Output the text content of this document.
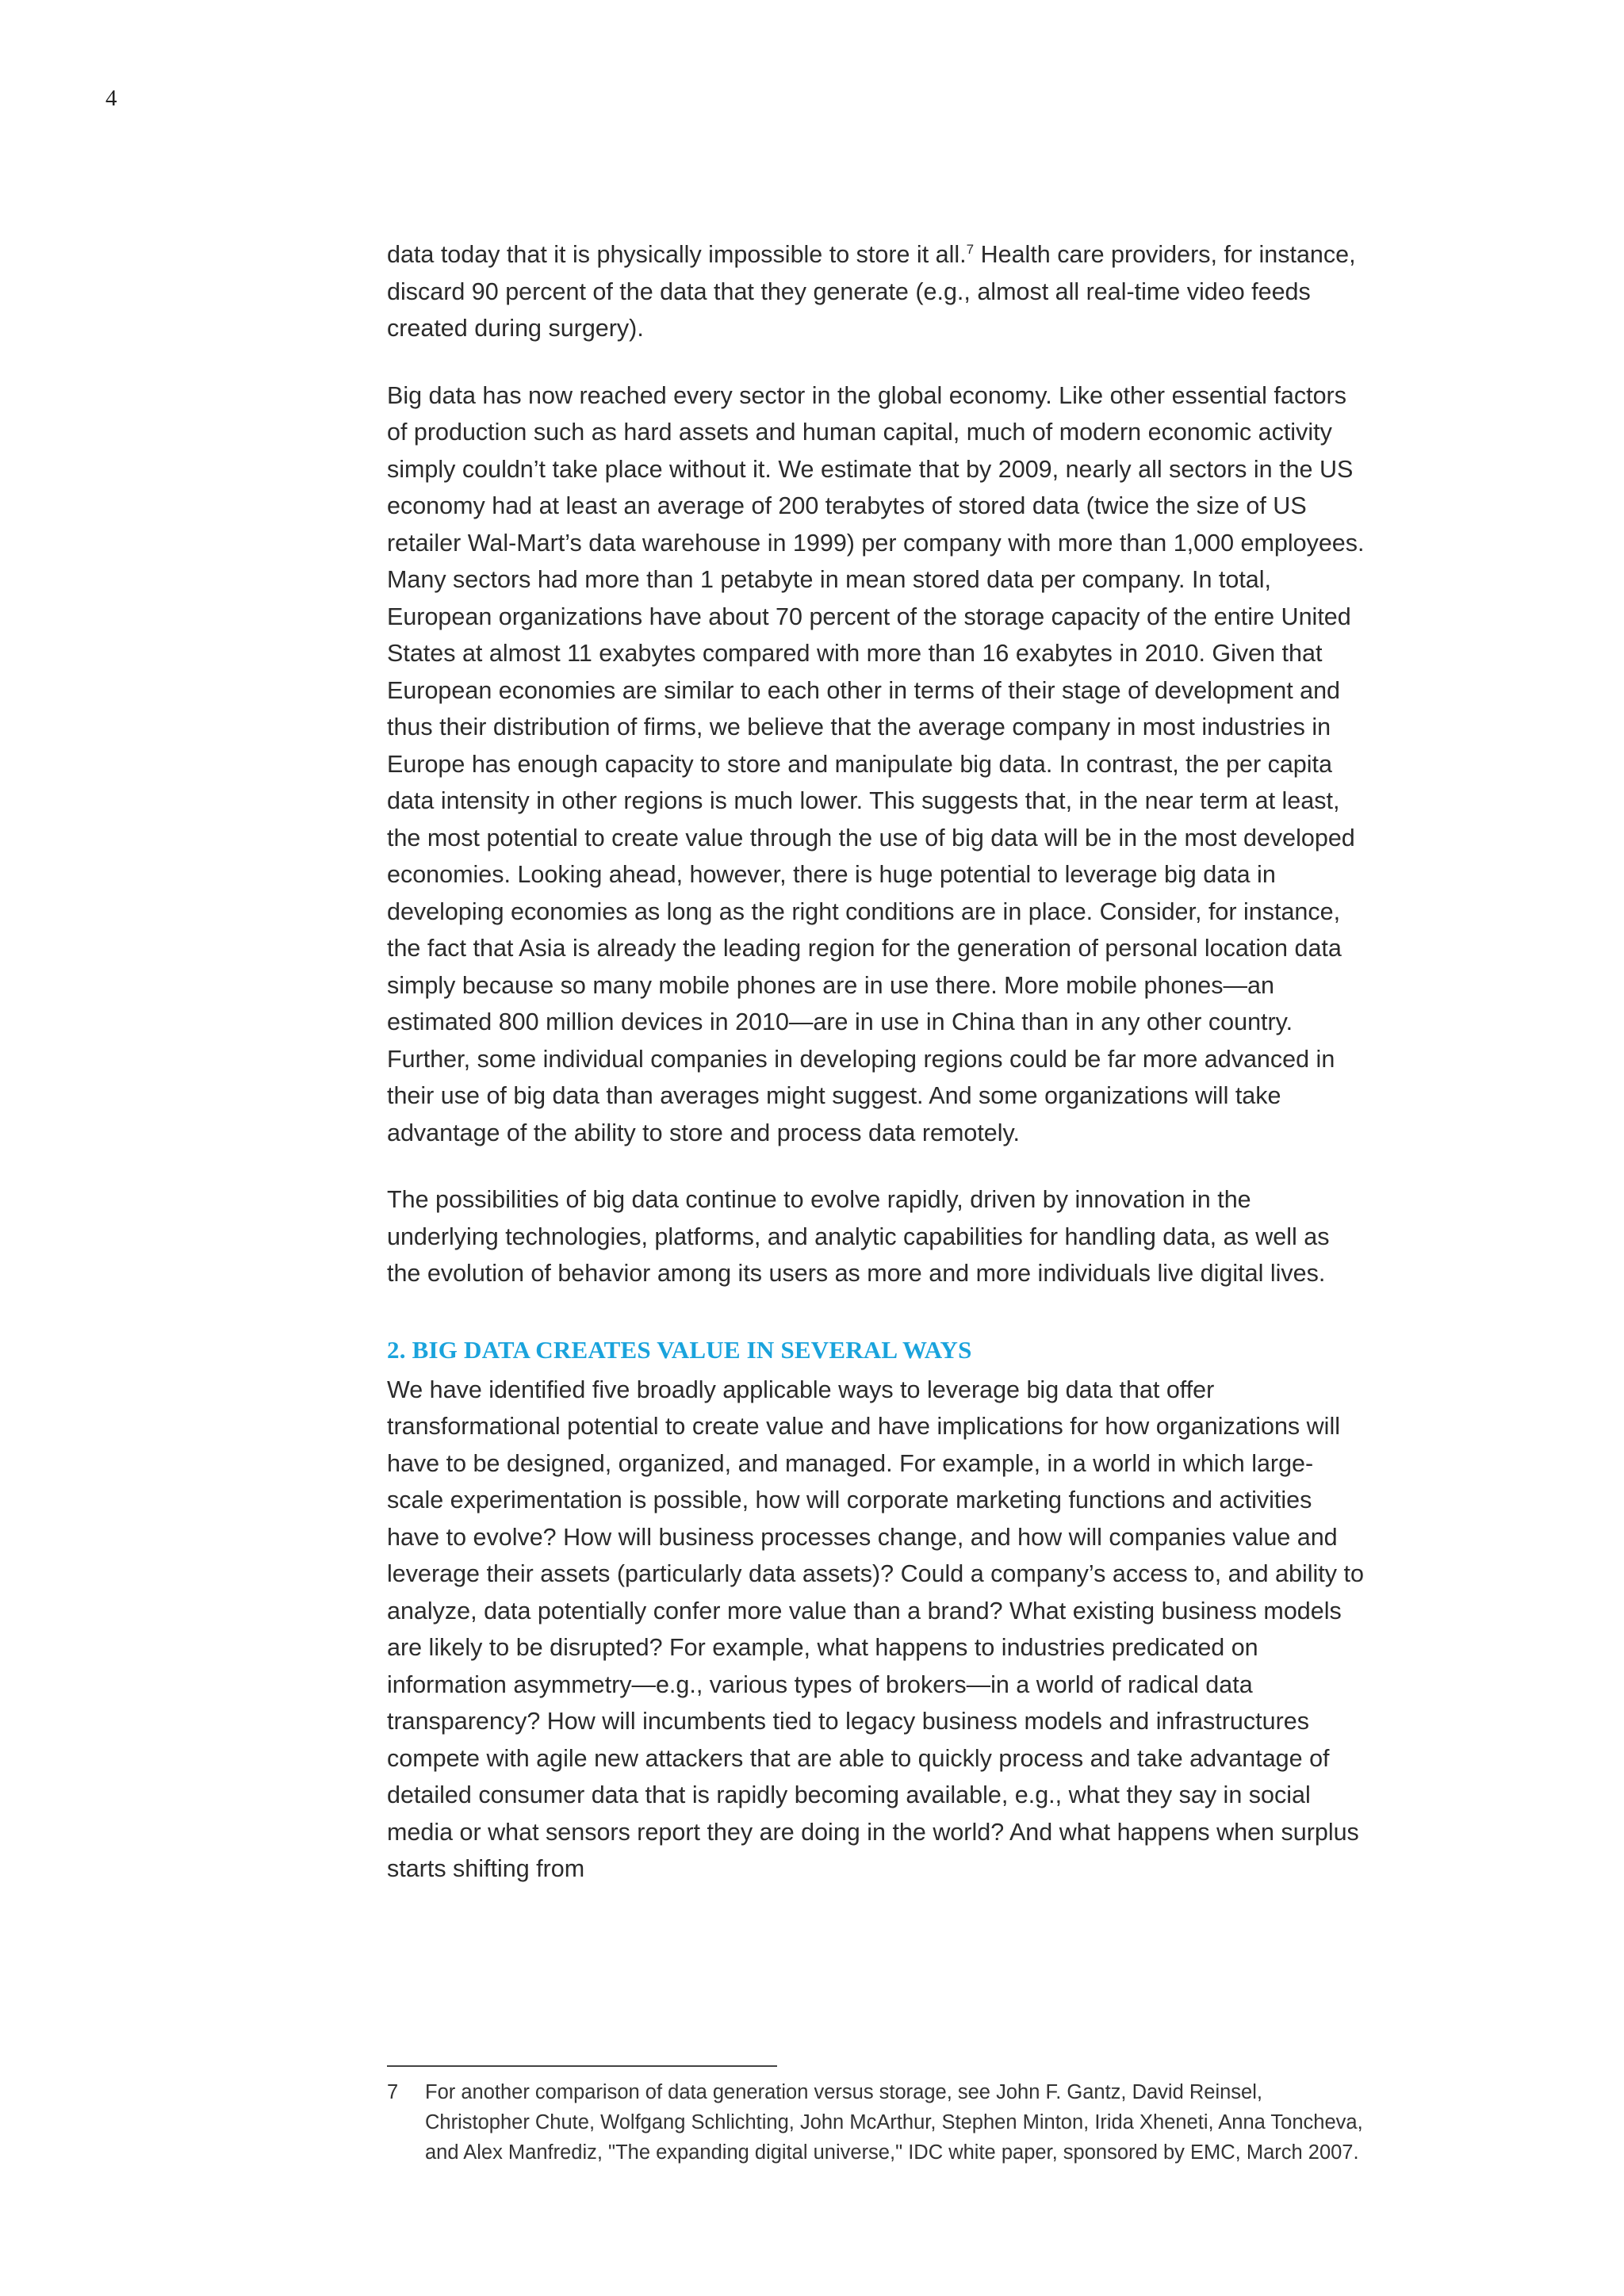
4

data today that it is physically impossible to store it all.$^7$ Health care providers, for instance, discard 90 percent of the data that they generate (e.g., almost all real-time video feeds created during surgery).

Big data has now reached every sector in the global economy. Like other essential factors of production such as hard assets and human capital, much of modern economic activity simply couldn’t take place without it. We estimate that by 2009, nearly all sectors in the US economy had at least an average of 200 terabytes of stored data (twice the size of US retailer Wal-Mart’s data warehouse in 1999) per company with more than 1,000 employees. Many sectors had more than 1 petabyte in mean stored data per company. In total, European organizations have about 70 percent of the storage capacity of the entire United States at almost 11 exabytes compared with more than 16 exabytes in 2010. Given that European economies are similar to each other in terms of their stage of development and thus their distribution of firms, we believe that the average company in most industries in Europe has enough capacity to store and manipulate big data. In contrast, the per capita data intensity in other regions is much lower. This suggests that, in the near term at least, the most potential to create value through the use of big data will be in the most developed economies. Looking ahead, however, there is huge potential to leverage big data in developing economies as long as the right conditions are in place. Consider, for instance, the fact that Asia is already the leading region for the generation of personal location data simply because so many mobile phones are in use there. More mobile phones—an estimated 800 million devices in 2010—are in use in China than in any other country. Further, some individual companies in developing regions could be far more advanced in their use of big data than averages might suggest. And some organizations will take advantage of the ability to store and process data remotely.

The possibilities of big data continue to evolve rapidly, driven by innovation in the underlying technologies, platforms, and analytic capabilities for handling data, as well as the evolution of behavior among its users as more and more individuals live digital lives.

2. BIG DATA CREATES VALUE IN SEVERAL WAYS

We have identified five broadly applicable ways to leverage big data that offer transformational potential to create value and have implications for how organizations will have to be designed, organized, and managed. For example, in a world in which large-scale experimentation is possible, how will corporate marketing functions and activities have to evolve? How will business processes change, and how will companies value and leverage their assets (particularly data assets)? Could a company’s access to, and ability to analyze, data potentially confer more value than a brand? What existing business models are likely to be disrupted? For example, what happens to industries predicated on information asymmetry—e.g., various types of brokers—in a world of radical data transparency? How will incumbents tied to legacy business models and infrastructures compete with agile new attackers that are able to quickly process and take advantage of detailed consumer data that is rapidly becoming available, e.g., what they say in social media or what sensors report they are doing in the world? And what happens when surplus starts shifting from

7	For another comparison of data generation versus storage, see John F. Gantz, David Reinsel, Christopher Chute, Wolfgang Schlichting, John McArthur, Stephen Minton, Irida Xheneti, Anna Toncheva, and Alex Manfrediz, "The expanding digital universe," IDC white paper, sponsored by EMC, March 2007.
